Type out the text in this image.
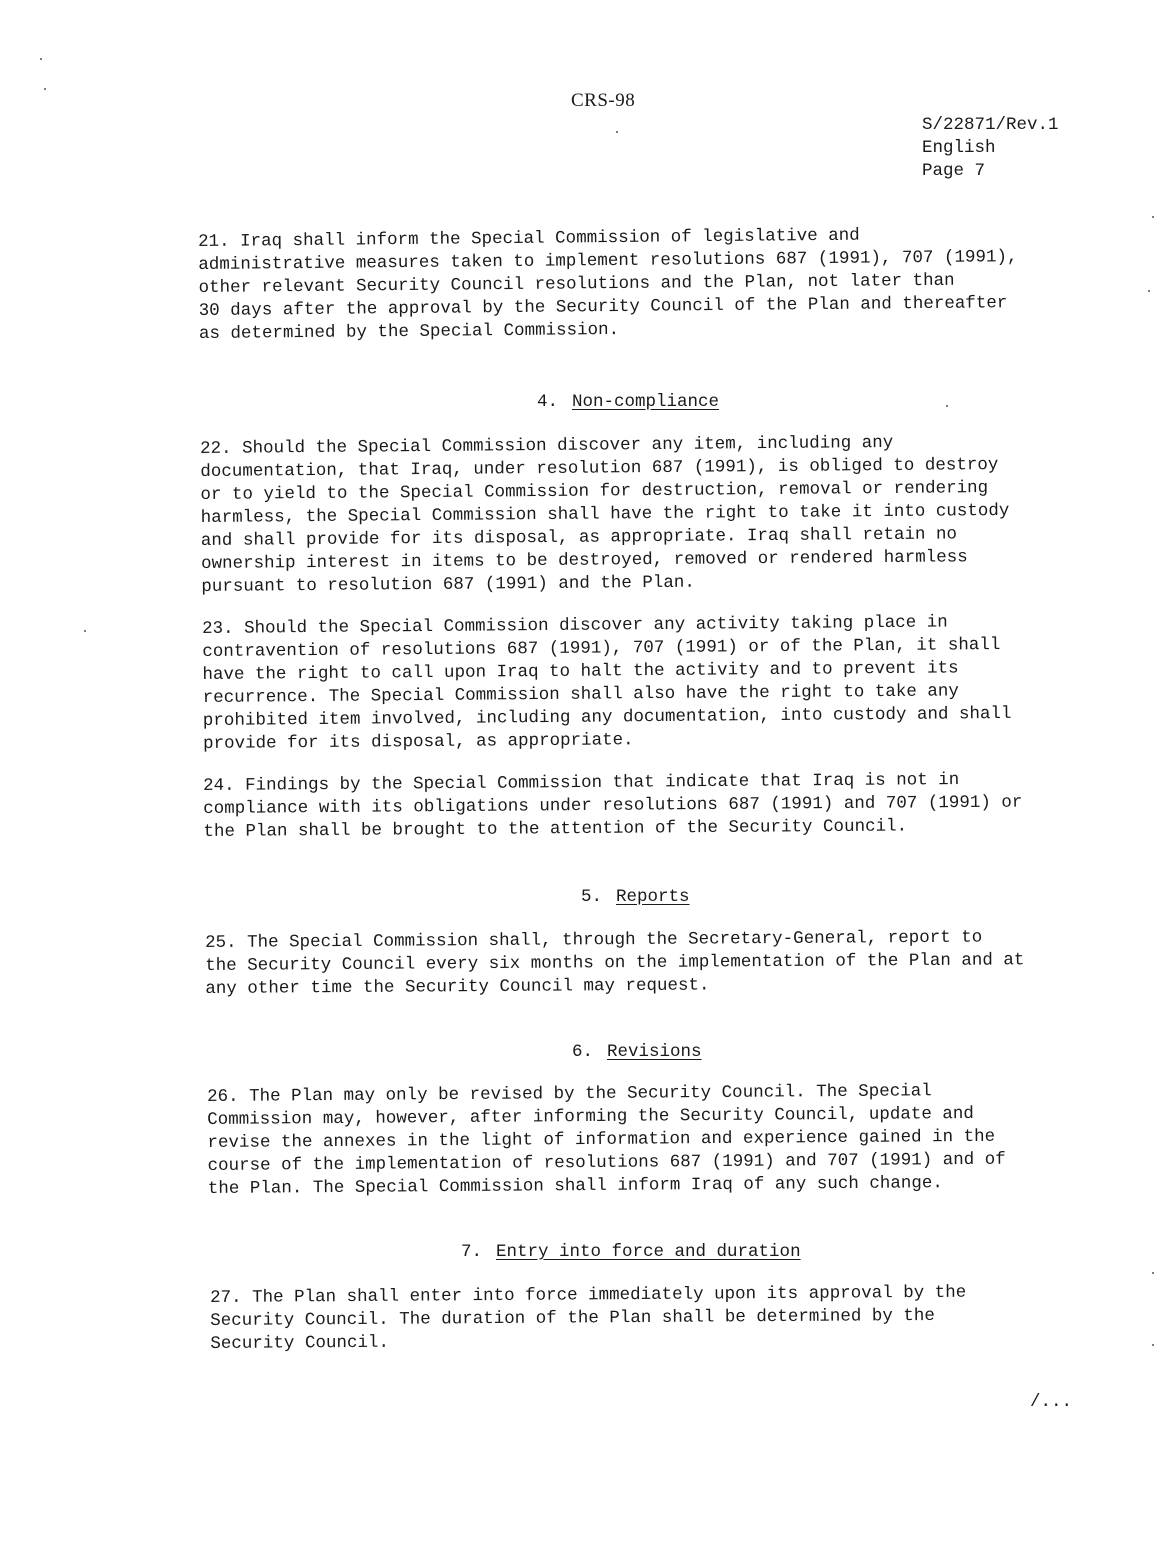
CRS-98
S/22871/Rev.1
English
Page 7
21. Iraq shall inform the Special Commission of legislative and
administrative measures taken to implement resolutions 687 (1991), 707 (1991),
other relevant Security Council resolutions and the Plan, not later than
30 days after the approval by the Security Council of the Plan and thereafter
as determined by the Special Commission.
4. Non-compliance
22. Should the Special Commission discover any item, including any
documentation, that Iraq, under resolution 687 (1991), is obliged to destroy
or to yield to the Special Commission for destruction, removal or rendering
harmless, the Special Commission shall have the right to take it into custody
and shall provide for its disposal, as appropriate. Iraq shall retain no
ownership interest in items to be destroyed, removed or rendered harmless
pursuant to resolution 687 (1991) and the Plan.
23. Should the Special Commission discover any activity taking place in
contravention of resolutions 687 (1991), 707 (1991) or of the Plan, it shall
have the right to call upon Iraq to halt the activity and to prevent its
recurrence. The Special Commission shall also have the right to take any
prohibited item involved, including any documentation, into custody and shall
provide for its disposal, as appropriate.
24. Findings by the Special Commission that indicate that Iraq is not in
compliance with its obligations under resolutions 687 (1991) and 707 (1991) or
the Plan shall be brought to the attention of the Security Council.
5. Reports
25. The Special Commission shall, through the Secretary-General, report to
the Security Council every six months on the implementation of the Plan and at
any other time the Security Council may request.
6. Revisions
26. The Plan may only be revised by the Security Council. The Special
Commission may, however, after informing the Security Council, update and
revise the annexes in the light of information and experience gained in the
course of the implementation of resolutions 687 (1991) and 707 (1991) and of
the Plan. The Special Commission shall inform Iraq of any such change.
7. Entry into force and duration
27. The Plan shall enter into force immediately upon its approval by the
Security Council. The duration of the Plan shall be determined by the
Security Council.
/...
